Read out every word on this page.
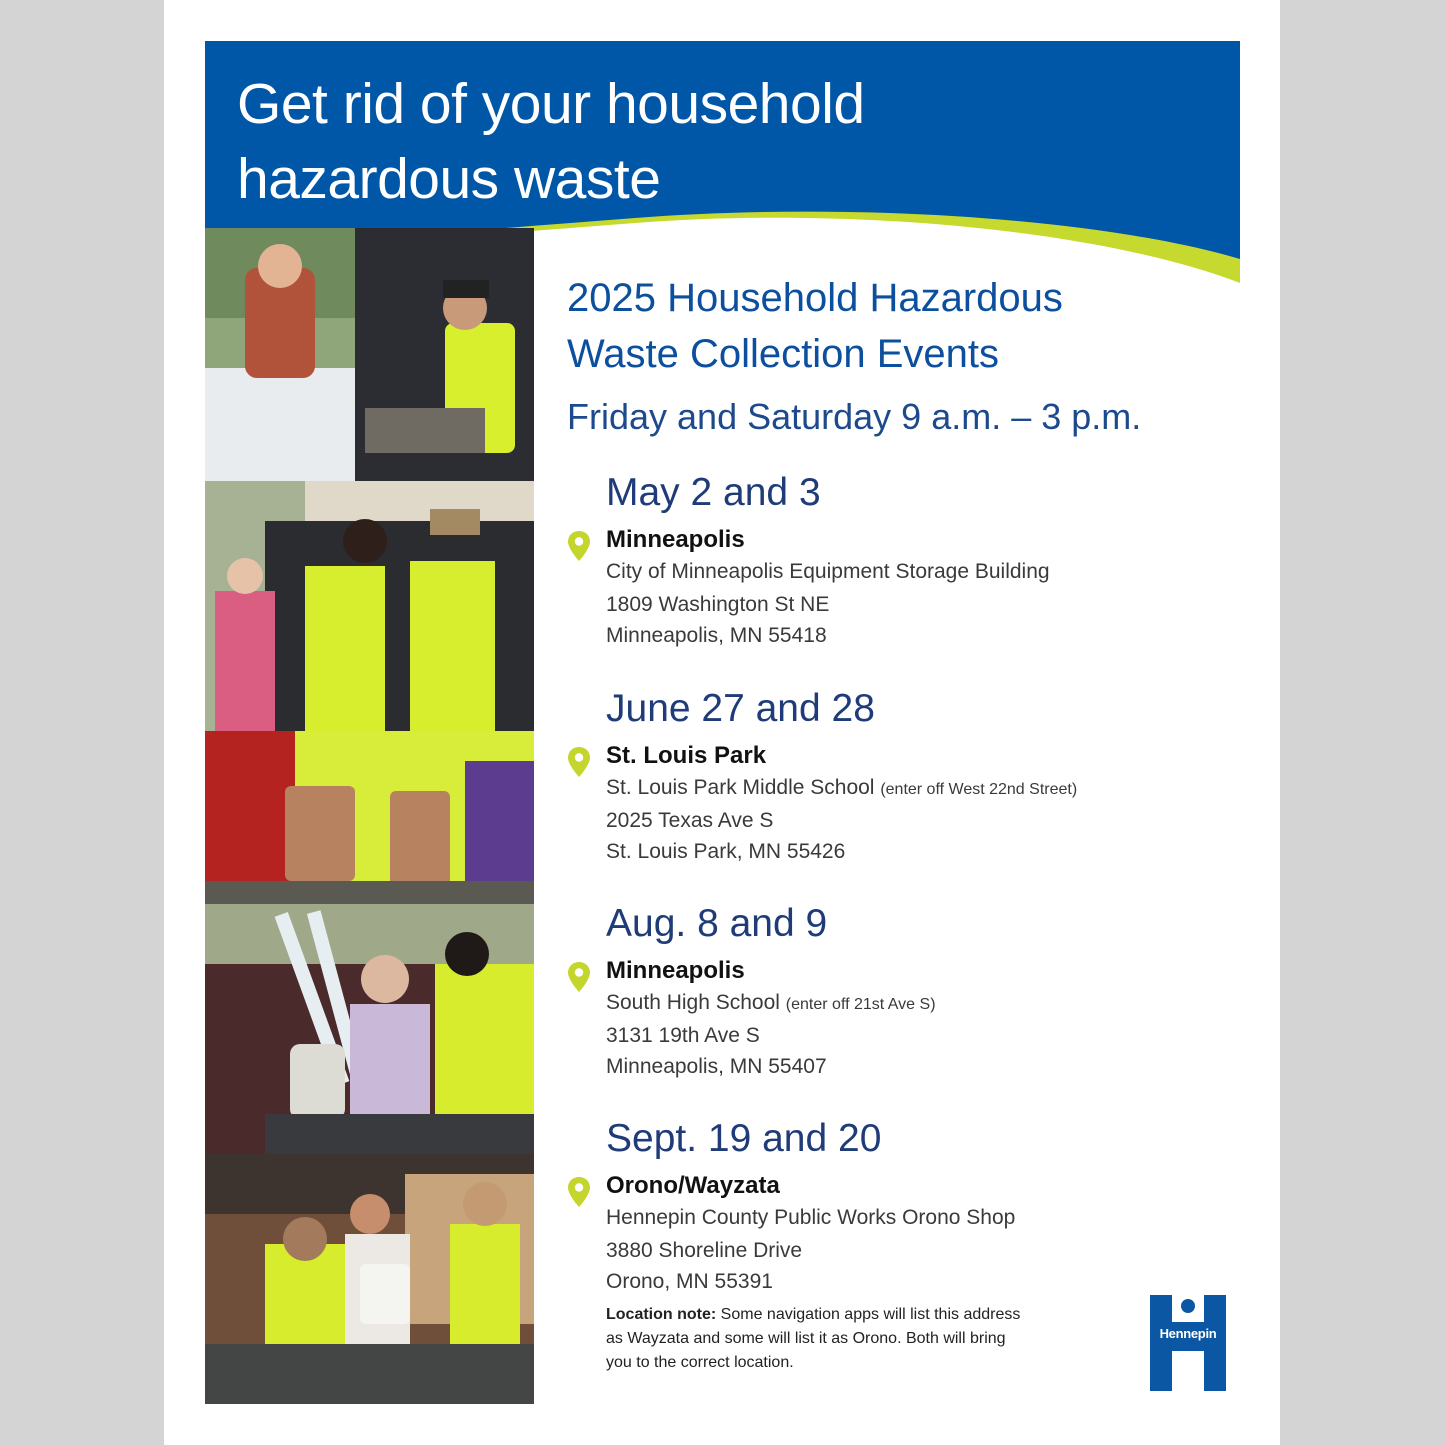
Get rid of your household
hazardous waste
2025 Household Hazardous
Waste Collection Events

Friday and Saturday 9 a.m. – 3 p.m.

May 2 and 3

Minneapolis

City of Minneapolis Equipment Storage Building

1809 Washington St NE

Minneapolis, MN 55418

June 27 and 28

St. Louis Park

St. Louis Park Middle School (enter off West 22nd Street)

2025 Texas Ave S

St. Louis Park, MN 55426

Aug. 8 and 9

Minneapolis

South High School (enter off 21st Ave S)

3131 19th Ave S

Minneapolis, MN 55407

Sept. 19 and 20

Orono/Wayzata

Hennepin County Public Works Orono Shop

3880 Shoreline Drive

Orono, MN 55391

Location note: Some navigation apps will list this address as Wayzata and some will list it as Orono. Both will bring you to the correct location.

Hennepin
